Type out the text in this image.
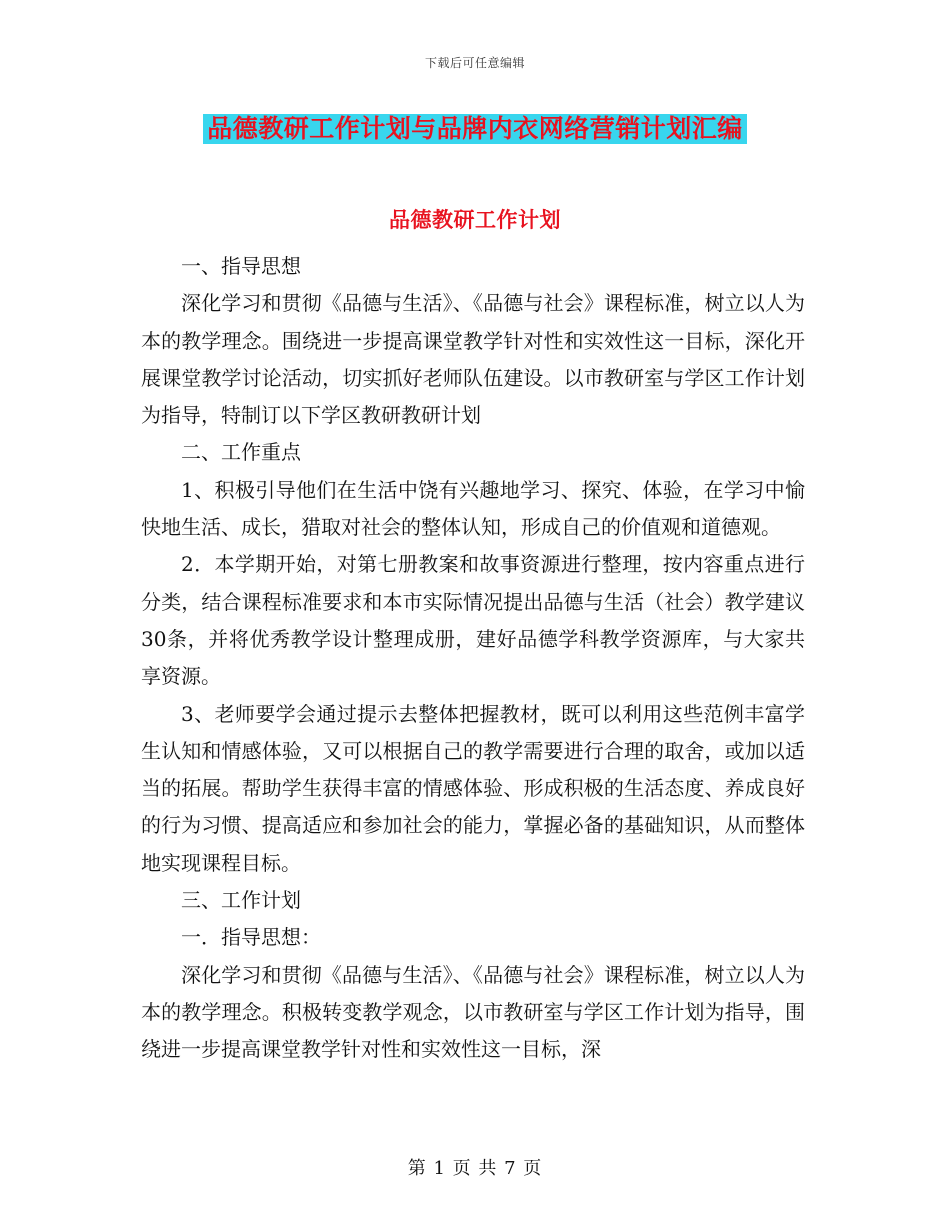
下载后可任意编辑
品德教研工作计划与品牌内衣网络营销计划汇编
品德教研工作计划

一、指导思想

深化学习和贯彻《品德与生活》、《品德与社会》课程标准，树立以人为本的教学理念。围绕进一步提高课堂教学针对性和实效性这一目标，深化开展课堂教学讨论活动，切实抓好老师队伍建设。以市教研室与学区工作计划为指导，特制订以下学区教研教研计划

二、工作重点

1、积极引导他们在生活中饶有兴趣地学习、探究、体验，在学习中愉快地生活、成长，猎取对社会的整体认知，形成自己的价值观和道德观。

2．本学期开始，对第七册教案和故事资源进行整理，按内容重点进行分类，结合课程标准要求和本市实际情况提出品德与生活（社会）教学建议30条，并将优秀教学设计整理成册，建好品德学科教学资源库，与大家共享资源。

3、老师要学会通过提示去整体把握教材，既可以利用这些范例丰富学生认知和情感体验，又可以根据自己的教学需要进行合理的取舍，或加以适当的拓展。帮助学生获得丰富的情感体验、形成积极的生活态度、养成良好的行为习惯、提高适应和参加社会的能力，掌握必备的基础知识，从而整体地实现课程目标。

三、工作计划

一．指导思想：

深化学习和贯彻《品德与生活》、《品德与社会》课程标准，树立以人为本的教学理念。积极转变教学观念，以市教研室与学区工作计划为指导，围绕进一步提高课堂教学针对性和实效性这一目标，深

第 1 页 共 7 页
